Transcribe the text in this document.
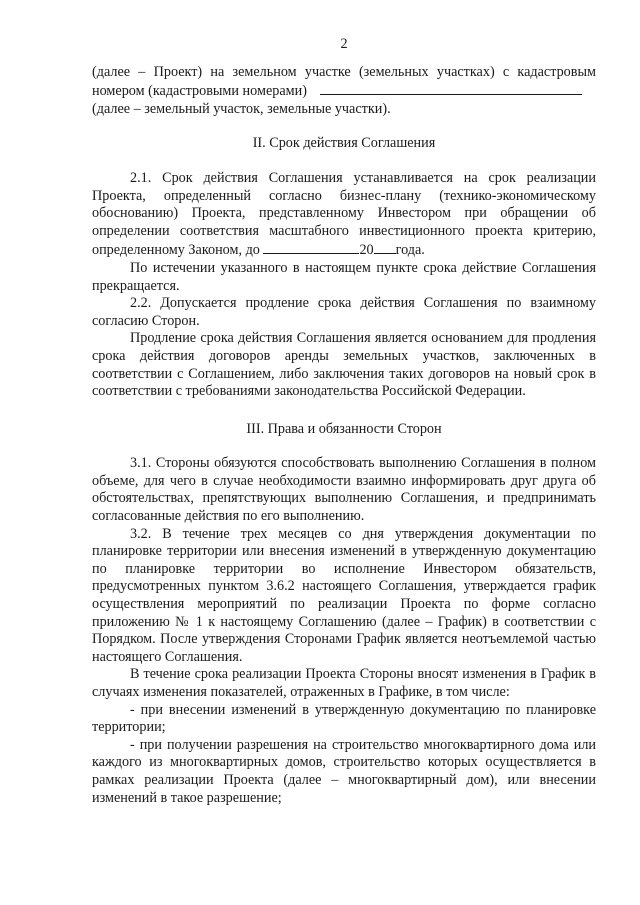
2

(далее – Проект) на земельном участке (земельных участках) с кадастровым

номером (кадастровыми номерами)

(далее – земельный участок, земельные участки).

II. Срок действия Соглашения

2.1. Срок действия Соглашения устанавливается на срок реализации Проекта, определенный согласно бизнес-плану (технико-экономическому обоснованию) Проекта, представленному Инвестором при обращении об определении соответствия масштабного инвестиционного проекта критерию, определенному Законом, до	20 года.

По истечении указанного в настоящем пункте срока действие Соглашения прекращается.

2.2. Допускается продление срока действия Соглашения по взаимному согласию Сторон.

Продление срока действия Соглашения является основанием для продления срока действия договоров аренды земельных участков, заключенных в соответствии с Соглашением, либо заключения таких договоров на новый срок в соответствии с требованиями законодательства Российской Федерации.

III. Права и обязанности Сторон

3.1. Стороны обязуются способствовать выполнению Соглашения в полном объеме, для чего в случае необходимости взаимно информировать друг друга об обстоятельствах, препятствующих выполнению Соглашения, и предпринимать согласованные действия по его выполнению.

3.2. В течение трех месяцев со дня утверждения документации по планировке территории или внесения изменений в утвержденную документацию по планировке территории во исполнение Инвестором обязательств, предусмотренных пунктом 3.6.2 настоящего Соглашения, утверждается график осуществления мероприятий по реализации Проекта по форме согласно приложению № 1 к настоящему Соглашению (далее – График) в соответствии с Порядком. После утверждения Сторонами График является неотъемлемой частью настоящего Соглашения.

В течение срока реализации Проекта Стороны вносят изменения в График в случаях изменения показателей, отраженных в Графике, в том числе:

- при внесении изменений в утвержденную документацию по планировке территории;

- при получении разрешения на строительство многоквартирного дома или каждого из многоквартирных домов, строительство которых осуществляется в рамках реализации Проекта (далее – многоквартирный дом), или внесении изменений в такое разрешение;
